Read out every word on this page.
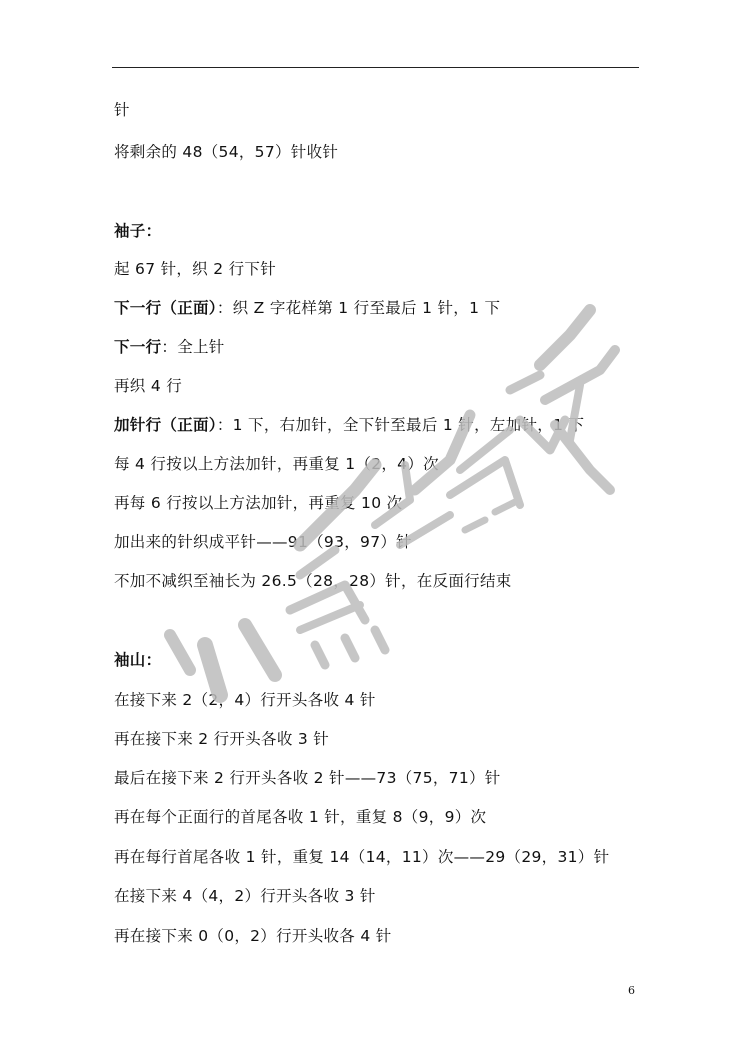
针
将剩余的 48（54，57）针收针
袖子：
起 67 针，织 2 行下针
下一行（正面）：织 Z 字花样第 1 行至最后 1 针，1 下
下一行：全上针
再织 4 行
加针行（正面）：1 下，右加针，全下针至最后 1 针，左加针，1 下
每 4 行按以上方法加针，再重复 1（2，4）次
再每 6 行按以上方法加针，再重复 10 次
加出来的针织成平针——91（93，97）针
不加不减织至袖长为 26.5（28，28）针，在反面行结束
袖山：
在接下来 2（2，4）行开头各收 4 针
再在接下来 2 行开头各收 3 针
最后在接下来 2 行开头各收 2 针——73（75，71）针
再在每个正面行的首尾各收 1 针，重复 8（9，9）次
再在每行首尾各收 1 针，重复 14（14，11）次——29（29，31）针
在接下来 4（4，2）行开头各收 3 针
再在接下来 0（0，2）行开头收各 4 针
6
